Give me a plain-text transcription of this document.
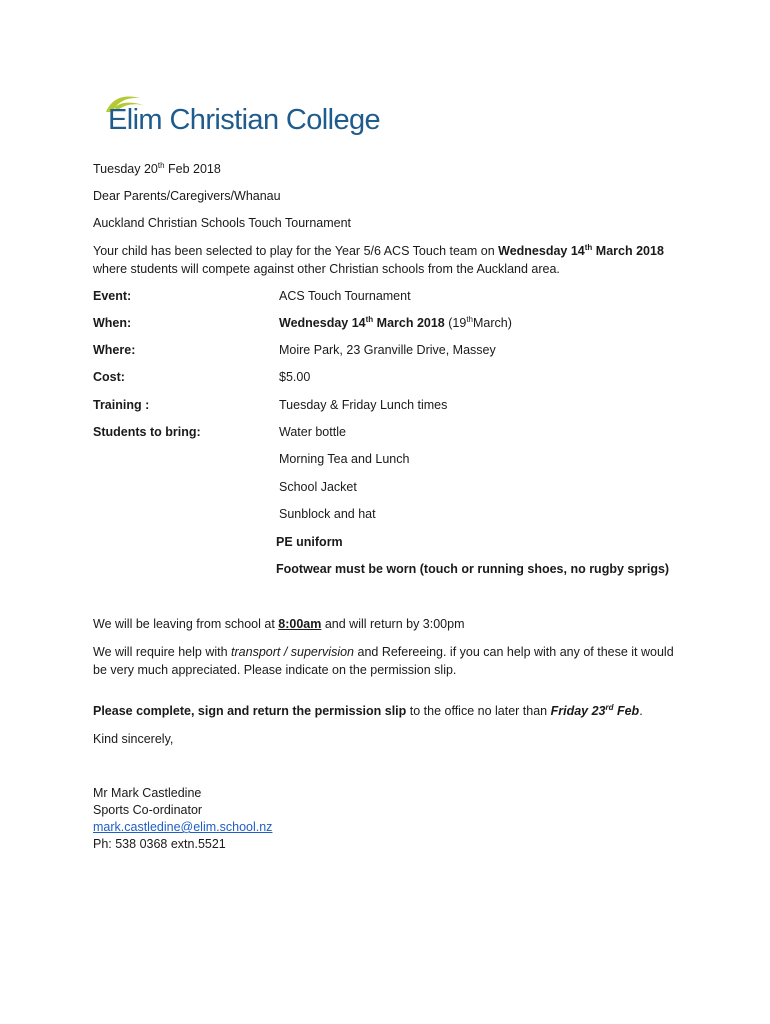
Elim Christian College
Tuesday 20th Feb 2018
Dear Parents/Caregivers/Whanau
Auckland Christian Schools Touch Tournament
Your child has been selected to play for the Year 5/6 ACS Touch team on Wednesday 14th March 2018 where students will compete against other Christian schools from the Auckland area.
Event:	ACS Touch Tournament
When:	Wednesday 14th March 2018 (19thMarch)
Where:	Moire Park, 23 Granville Drive, Massey
Cost:	$5.00
Training :	Tuesday & Friday Lunch times
Students to bring:	Water bottle
Morning Tea and Lunch
School Jacket
Sunblock and hat
PE uniform
Footwear must be worn (touch or running shoes, no rugby sprigs)
We will be leaving from school at 8:00am and will return by 3:00pm
We will require help with transport / supervision and Refereeing. if you can help with any of these it would be very much appreciated. Please indicate on the permission slip.
Please complete, sign and return the permission slip to the office no later than Friday 23rd Feb.
Kind sincerely,
Mr Mark Castledine
Sports Co-ordinator
mark.castledine@elim.school.nz
Ph: 538 0368 extn.5521
